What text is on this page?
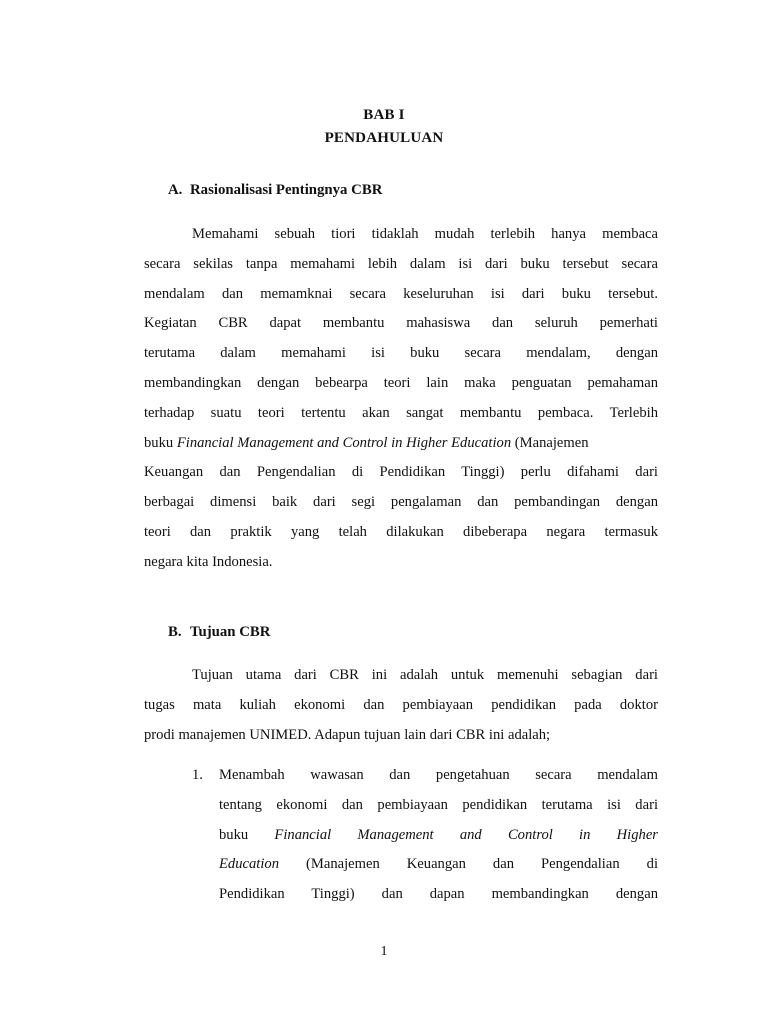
BAB I
PENDAHULUAN
A. Rasionalisasi Pentingnya CBR
Memahami sebuah tiori tidaklah mudah terlebih hanya membaca
secara sekilas tanpa memahami lebih dalam isi dari buku tersebut secara
mendalam dan memamknai secara keseluruhan isi dari buku tersebut.
Kegiatan CBR dapat membantu mahasiswa dan seluruh pemerhati
terutama dalam memahami isi buku secara mendalam, dengan
membandingkan dengan bebearpa teori lain maka penguatan pemahaman
terhadap suatu teori tertentu akan sangat membantu pembaca. Terlebih
buku Financial Management and Control in Higher Education (Manajemen
Keuangan dan Pengendalian di Pendidikan Tinggi) perlu difahami dari
berbagai dimensi baik dari segi pengalaman dan pembandingan dengan
teori dan praktik yang telah dilakukan dibeberapa negara termasuk
negara kita Indonesia.
B. Tujuan CBR
Tujuan utama dari CBR ini adalah untuk memenuhi sebagian dari
tugas mata kuliah ekonomi dan pembiayaan pendidikan pada doktor
prodi manajemen UNIMED. Adapun tujuan lain dari CBR ini adalah;
1. Menambah wawasan dan pengetahuan secara mendalam
tentang ekonomi dan pembiayaan pendidikan terutama isi dari
buku Financial Management and Control in Higher
Education (Manajemen Keuangan dan Pengendalian di
Pendidikan Tinggi) dan dapan membandingkan dengan
1
